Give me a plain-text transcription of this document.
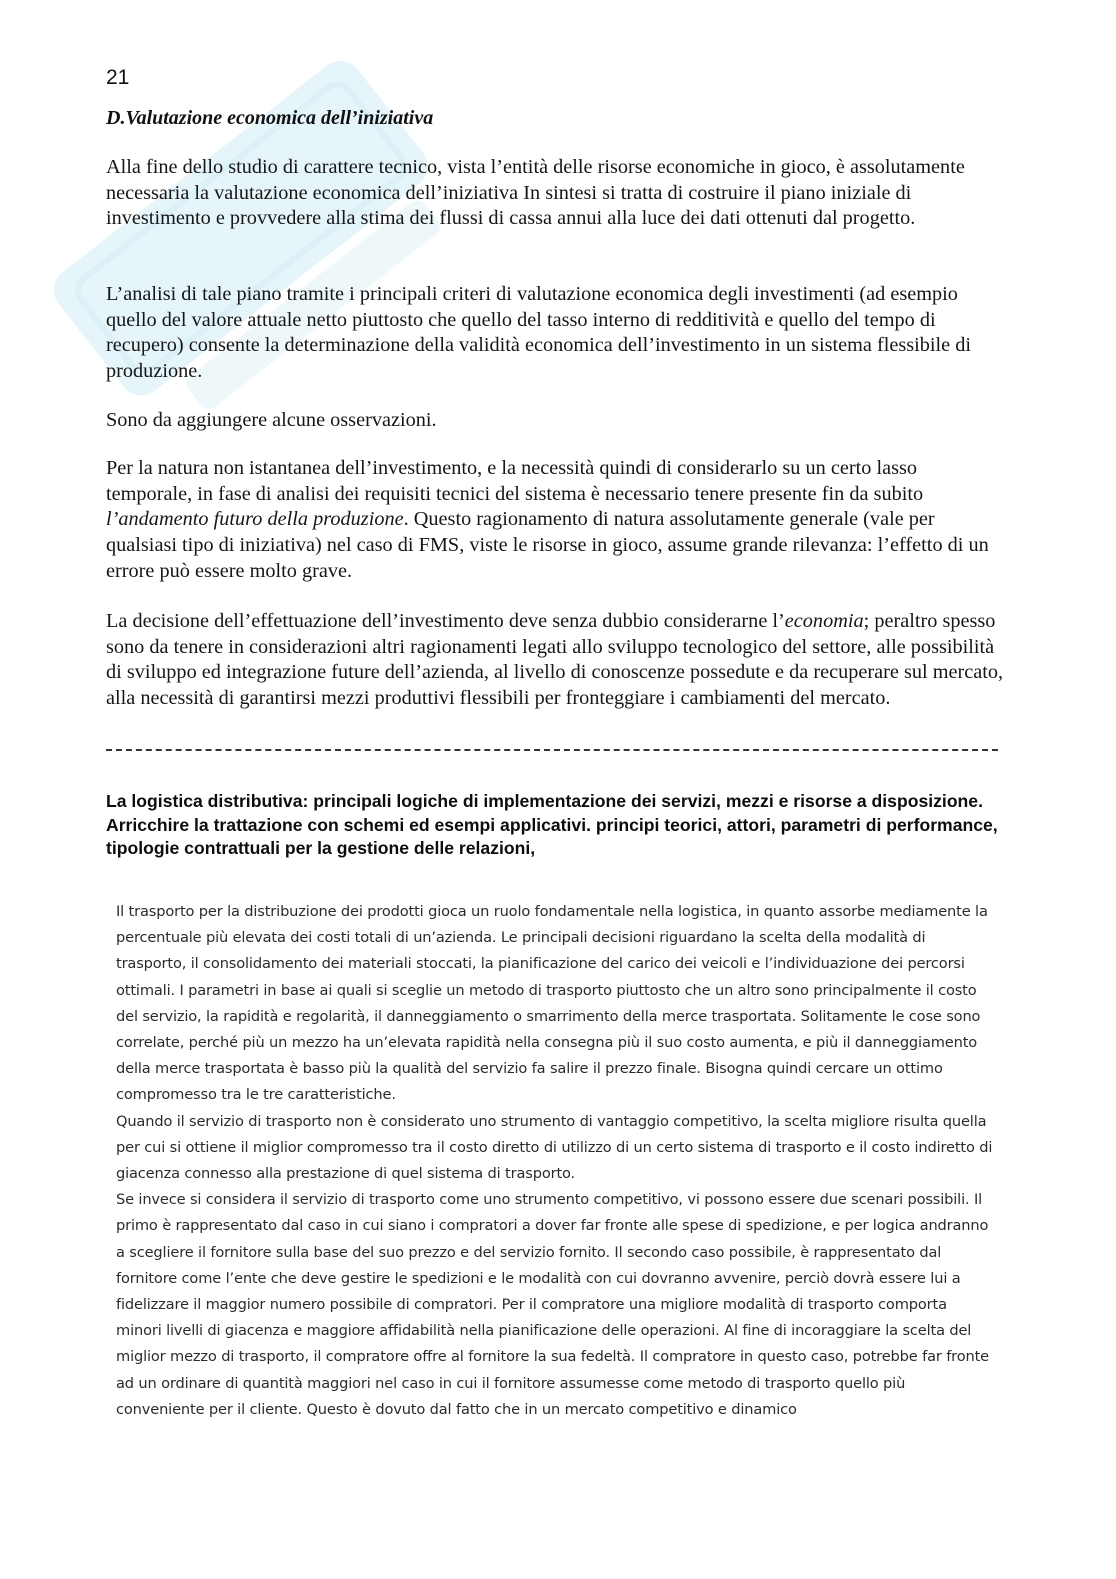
21
D.Valutazione economica dell’iniziativa

Alla fine dello studio di carattere tecnico, vista l’entità delle risorse economiche in gioco, è assolutamente necessaria la valutazione economica dell’iniziativa In sintesi si tratta di costruire il piano iniziale di investimento e provvedere alla stima dei flussi di cassa annui alla luce dei dati ottenuti dal progetto.

L’analisi di tale piano tramite i principali criteri di valutazione economica degli investimenti (ad esempio quello del valore attuale netto piuttosto che quello del tasso interno di redditività e quello del tempo di recupero) consente la determinazione della validità economica dell’investimento in un sistema flessibile di produzione.

Sono da aggiungere alcune osservazioni.

Per la natura non istantanea dell’investimento, e la necessità quindi di considerarlo su un certo lasso temporale, in fase di analisi dei requisiti tecnici del sistema è necessario tenere presente fin da subito l’andamento futuro della produzione. Questo ragionamento di natura assolutamente generale (vale per qualsiasi tipo di iniziativa) nel caso di FMS, viste le risorse in gioco, assume grande rilevanza: l’effetto di un errore può essere molto grave.

La decisione dell’effettuazione dell’investimento deve senza dubbio considerarne l’economia; peraltro spesso sono da tenere in considerazioni altri ragionamenti legati allo sviluppo tecnologico del settore, alle possibilità di sviluppo ed integrazione future dell’azienda, al livello di conoscenze possedute e da recuperare sul mercato, alla necessità di garantirsi mezzi produttivi flessibili per fronteggiare i cambiamenti del mercato.

La logistica distributiva: principali logiche di implementazione dei servizi, mezzi e risorse a disposizione. Arricchire la trattazione con schemi ed esempi applicativi. principi teorici, attori, parametri di performance, tipologie contrattuali per la gestione delle relazioni,

Il trasporto per la distribuzione dei prodotti gioca un ruolo fondamentale nella logistica, in quanto assorbe mediamente la percentuale più elevata dei costi totali di un’azienda. Le principali decisioni riguardano la scelta della modalità di trasporto, il consolidamento dei materiali stoccati, la pianificazione del carico dei veicoli e l’individuazione dei percorsi ottimali. I parametri in base ai quali si sceglie un metodo di trasporto piuttosto che un altro sono principalmente il costo del servizio, la rapidità e regolarità, il danneggiamento o smarrimento della merce trasportata. Solitamente le cose sono correlate, perché più un mezzo ha un’elevata rapidità nella consegna più il suo costo aumenta, e più il danneggiamento della merce trasportata è basso più la qualità del servizio fa salire il prezzo finale. Bisogna quindi cercare un ottimo compromesso tra le tre caratteristiche.

Quando il servizio di trasporto non è considerato uno strumento di vantaggio competitivo, la scelta migliore risulta quella per cui si ottiene il miglior compromesso tra il costo diretto di utilizzo di un certo sistema di trasporto e il costo indiretto di giacenza connesso alla prestazione di quel sistema di trasporto.

Se invece si considera il servizio di trasporto come uno strumento competitivo, vi possono essere due scenari possibili. Il primo è rappresentato dal caso in cui siano i compratori a dover far fronte alle spese di spedizione, e per logica andranno a scegliere il fornitore sulla base del suo prezzo e del servizio fornito. Il secondo caso possibile, è rappresentato dal fornitore come l’ente che deve gestire le spedizioni e le modalità con cui dovranno avvenire, perciò dovrà essere lui a fidelizzare il maggior numero possibile di compratori. Per il compratore una migliore modalità di trasporto comporta minori livelli di giacenza e maggiore affidabilità nella pianificazione delle operazioni. Al fine di incoraggiare la scelta del miglior mezzo di trasporto, il compratore offre al fornitore la sua fedeltà. Il compratore in questo caso, potrebbe far fronte ad un ordinare di quantità maggiori nel caso in cui il fornitore assumesse come metodo di trasporto quello più conveniente per il cliente. Questo è dovuto dal fatto che in un mercato competitivo e dinamico
